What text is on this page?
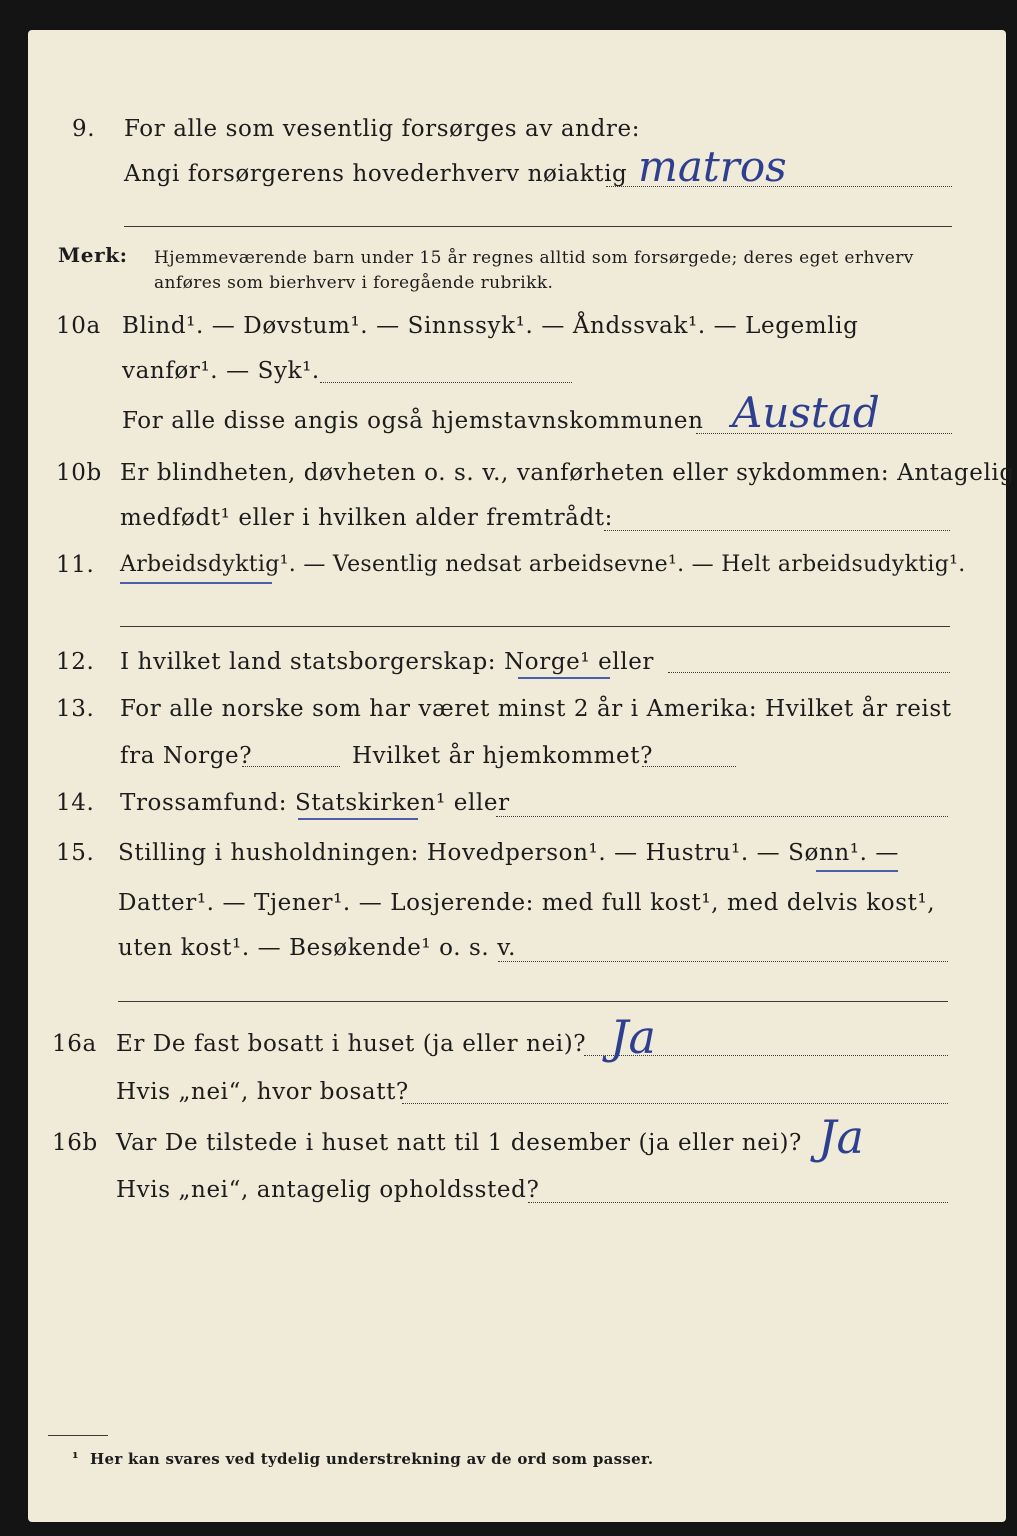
9. For alle som vesentlig forsørges av andre:
Angi forsørgerens hovederhverv nøiaktig matros
Merk: Hjemmeværende barn under 15 år regnes alltid som forsørgede; deres eget erhverv
anføres som bierhverv i foregående rubrikk.
10a Blind¹. — Døvstum¹. — Sinnssyk¹. — Åndssvak¹. — Legemlig
vanfør¹. — Syk¹.
For alle disse angis også hjemstavnskommunen Austad
10b Er blindheten, døvheten o. s. v., vanførheten eller sykdommen: Antagelig
medfødt¹ eller i hvilken alder fremtrådt:
11. Arbeidsdyktig¹. — Vesentlig nedsat arbeidsevne¹. — Helt arbeidsudyktig¹.
12. I hvilket land statsborgerskap: Norge¹ eller
13. For alle norske som har været minst 2 år i Amerika: Hvilket år reist
fra Norge?	Hvilket år hjemkommet?
14. Trossamfund: Statskirken¹ eller
15. Stilling i husholdningen: Hovedperson¹. — Hustru¹. — Sønn¹. —
Datter¹. — Tjener¹. — Losjerende: med full kost¹, med delvis kost¹,
uten kost¹. — Besøkende¹ o. s. v.
16a Er De fast bosatt i huset (ja eller nei)? Ja
Hvis „nei“, hvor bosatt?
16b Var De tilstede i huset natt til 1 desember (ja eller nei)? Ja
Hvis „nei“, antagelig opholdssted?
¹ Her kan svares ved tydelig understrekning av de ord som passer.
